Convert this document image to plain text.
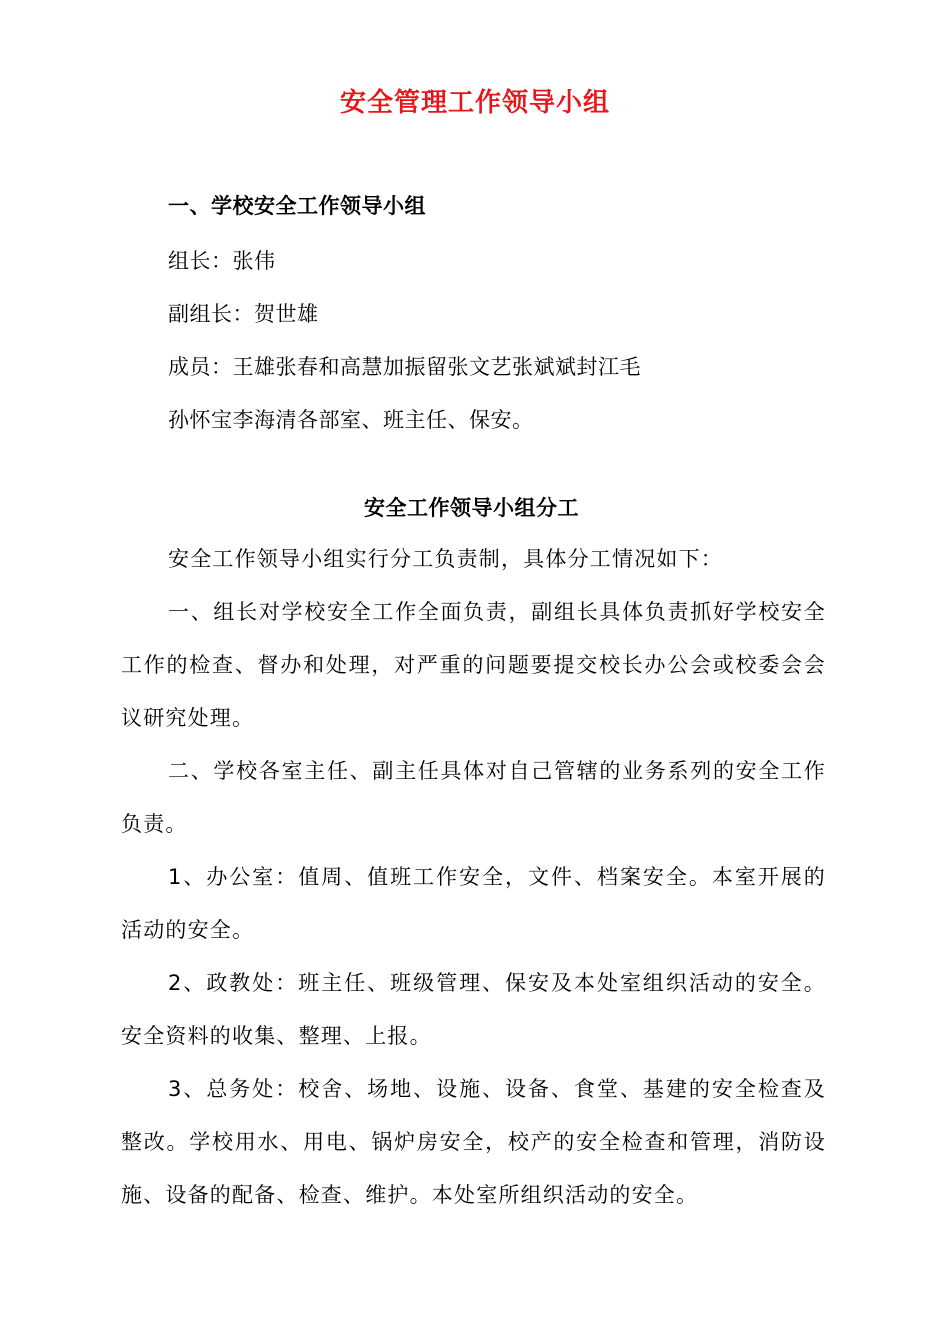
安全管理工作领导小组
一、学校安全工作领导小组
组长：张伟
副组长：贺世雄
成员：王雄张春和高慧加振留张文艺张斌斌封江毛
孙怀宝李海清各部室、班主任、保安。
安全工作领导小组分工

安全工作领导小组实行分工负责制，具体分工情况如下：

一、组长对学校安全工作全面负责，副组长具体负责抓好学校安全工作的检查、督办和处理，对严重的问题要提交校长办公会或校委会会议研究处理。

二、学校各室主任、副主任具体对自己管辖的业务系列的安全工作负责。

1、办公室：值周、值班工作安全，文件、档案安全。本室开展的活动的安全。

2、政教处：班主任、班级管理、保安及本处室组织活动的安全。安全资料的收集、整理、上报。

3、总务处：校舍、场地、设施、设备、食堂、基建的安全检查及整改。学校用水、用电、锅炉房安全，校产的安全检查和管理，消防设施、设备的配备、检查、维护。本处室所组织活动的安全。
